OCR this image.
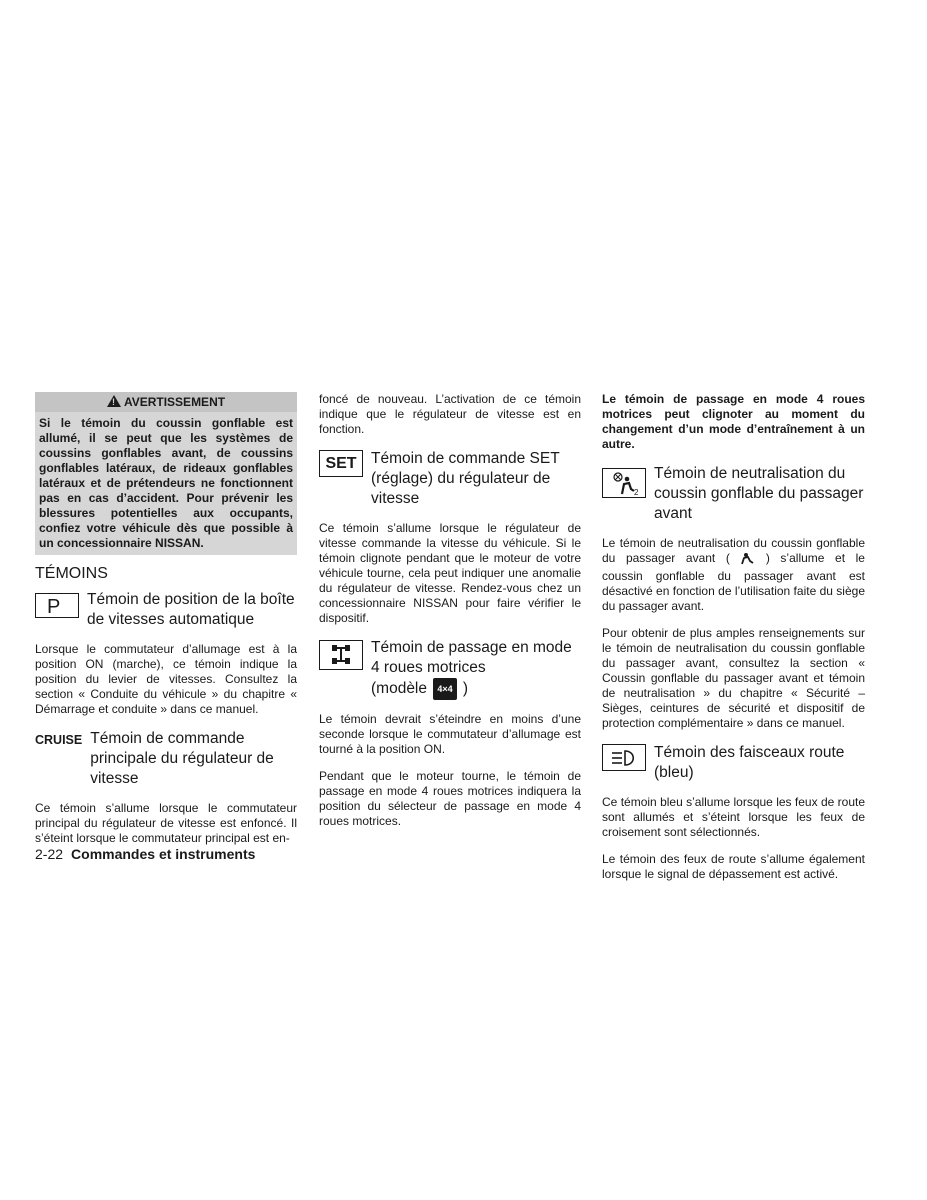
! AVERTISSEMENT
Si le témoin du coussin gonflable est allumé, il se peut que les systèmes de coussins gonflables avant, de coussins gonflables latéraux, de rideaux gonflables latéraux et de prétendeurs ne fonctionnent pas en cas d’accident. Pour prévenir les blessures potentielles aux occupants, confiez votre véhicule dès que possible à un concessionnaire NISSAN.
TÉMOINS
P Témoin de position de la boîte de vitesses automatique

Lorsque le commutateur d’allumage est à la position ON (marche), ce témoin indique la position du levier de vitesses. Consultez la section « Conduite du véhicule » du chapitre « Démarrage et conduite » dans ce manuel.

CRUISE Témoin de commande principale du régulateur de vitesse

Ce témoin s’allume lorsque le commutateur principal du régulateur de vitesse est enfoncé. Il s’éteint lorsque le commutateur principal est en-

foncé de nouveau. L’activation de ce témoin indique que le régulateur de vitesse est en fonction.

SET Témoin de commande SET (réglage) du régulateur de vitesse

Ce témoin s’allume lorsque le régulateur de vitesse commande la vitesse du véhicule. Si le témoin clignote pendant que le moteur de votre véhicule tourne, cela peut indiquer une anomalie du régulateur de vitesse. Rendez-vous chez un concessionnaire NISSAN pour faire vérifier le dispositif.

Témoin de passage en mode 4 roues motrices
(modèle 4×4 )

Le témoin devrait s’éteindre en moins d’une seconde lorsque le commutateur d’allumage est tourné à la position ON.

Pendant que le moteur tourne, le témoin de passage en mode 4 roues motrices indiquera la position du sélecteur de passage en mode 4 roues motrices.

Le témoin de passage en mode 4 roues motrices peut clignoter au moment du changement d’un mode d’entraînement à un autre.

2
Témoin de neutralisation du coussin gonflable du passager avant

Le témoin de neutralisation du coussin gonflable du passager avant (	) s’allume et le coussin gonflable du passager avant est désactivé en fonction de l’utilisation faite du siège du passager avant.

Pour obtenir de plus amples renseignements sur le témoin de neutralisation du coussin gonflable du passager avant, consultez la section « Coussin gonflable du passager avant et témoin de neutralisation » du chapitre « Sécurité – Sièges, ceintures de sécurité et dispositif de protection complémentaire » dans ce manuel.

Témoin des faisceaux route (bleu)

Ce témoin bleu s’allume lorsque les feux de route sont allumés et s’éteint lorsque les feux de croisement sont sélectionnés.

Le témoin des feux de route s’allume également lorsque le signal de dépassement est activé.

2-22 Commandes et instruments
